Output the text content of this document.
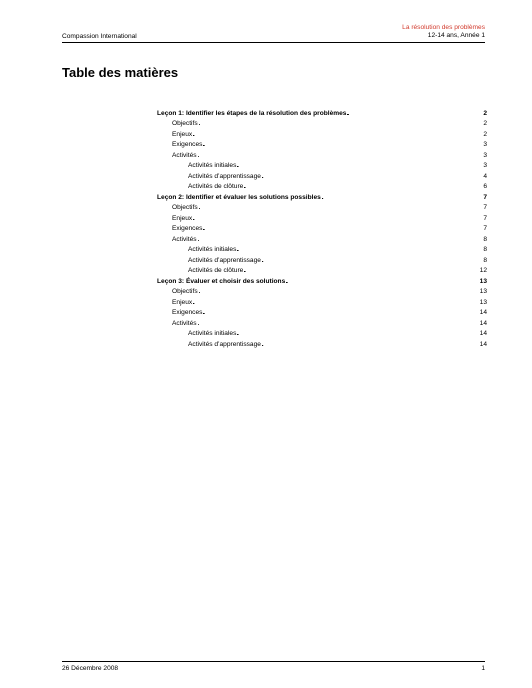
Compassion International
La résolution des problèmes
12-14 ans, Année 1
Table des matières
Leçon 1: Identifier les étapes de la résolution des problèmes . . .	2
Objectifs . . .	2
Enjeux . . .	2
Exigences . . .	3
Activités . . .	3
Activités initiales . . .	3
Activités d’apprentissage . . .	4
Activités de clôture . . .	6
Leçon 2: Identifier et évaluer les solutions possibles . . .	7
Objectifs . . .	7
Enjeux . . .	7
Exigences . . .	7
Activités . . .	8
Activités initiales . . .	8
Activités d’apprentissage . . .	8
Activités de clôture . . .	12
Leçon 3: Évaluer et choisir des solutions . . .	13
Objectifs . . .	13
Enjeux . . .	13
Exigences . . .	14
Activités . . .	14
Activités initiales . . .	14
Activités d’apprentissage . . .	14
26 Décembre 2008	1
